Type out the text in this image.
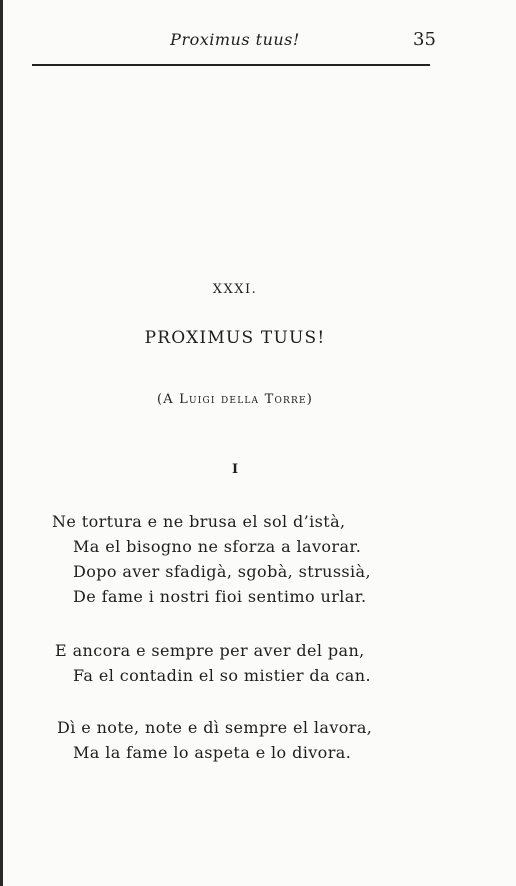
Proximus tuus!	35
XXXI.
PROXIMUS TUUS!
(A Luigi della Torre)
I
Ne tortura e ne brusa el sol d’istà,
Ma el bisogno ne sforza a lavorar.
Dopo aver sfadigà, sgobà, strussià,
De fame i nostri fioi sentimo urlar.
E ancora e sempre per aver del pan,
Fa el contadin el so mistier da can.
Dì e note, note e dì sempre el lavora,
Ma la fame lo aspeta e lo divora.
